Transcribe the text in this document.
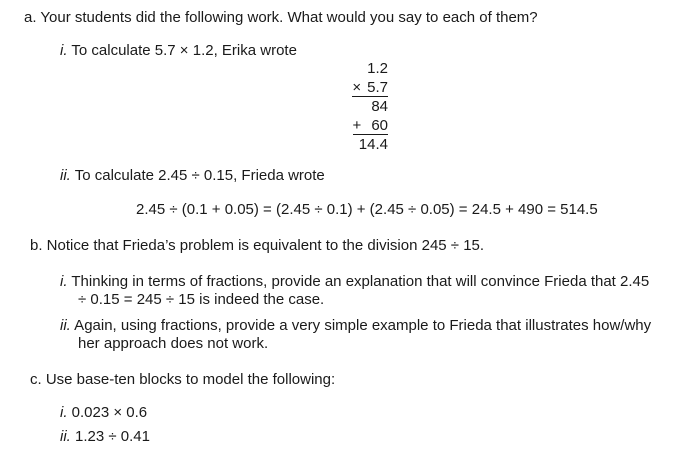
a. Your students did the following work. What would you say to each of them?
i. To calculate 5.7 × 1.2, Erika wrote
1.2
× 5.7
84
+ 60
14.4
ii. To calculate 2.45 ÷ 0.15, Frieda wrote
2.45 ÷ (0.1 + 0.05) = (2.45 ÷ 0.1) + (2.45 ÷ 0.05) = 24.5 + 490 = 514.5
b. Notice that Frieda’s problem is equivalent to the division 245 ÷ 15.
i. Thinking in terms of fractions, provide an explanation that will convince Frieda that 2.45
÷ 0.15 = 245 ÷ 15 is indeed the case.
ii. Again, using fractions, provide a very simple example to Frieda that illustrates how/why
her approach does not work.
c. Use base-ten blocks to model the following:
i. 0.023 × 0.6
ii. 1.23 ÷ 0.41
